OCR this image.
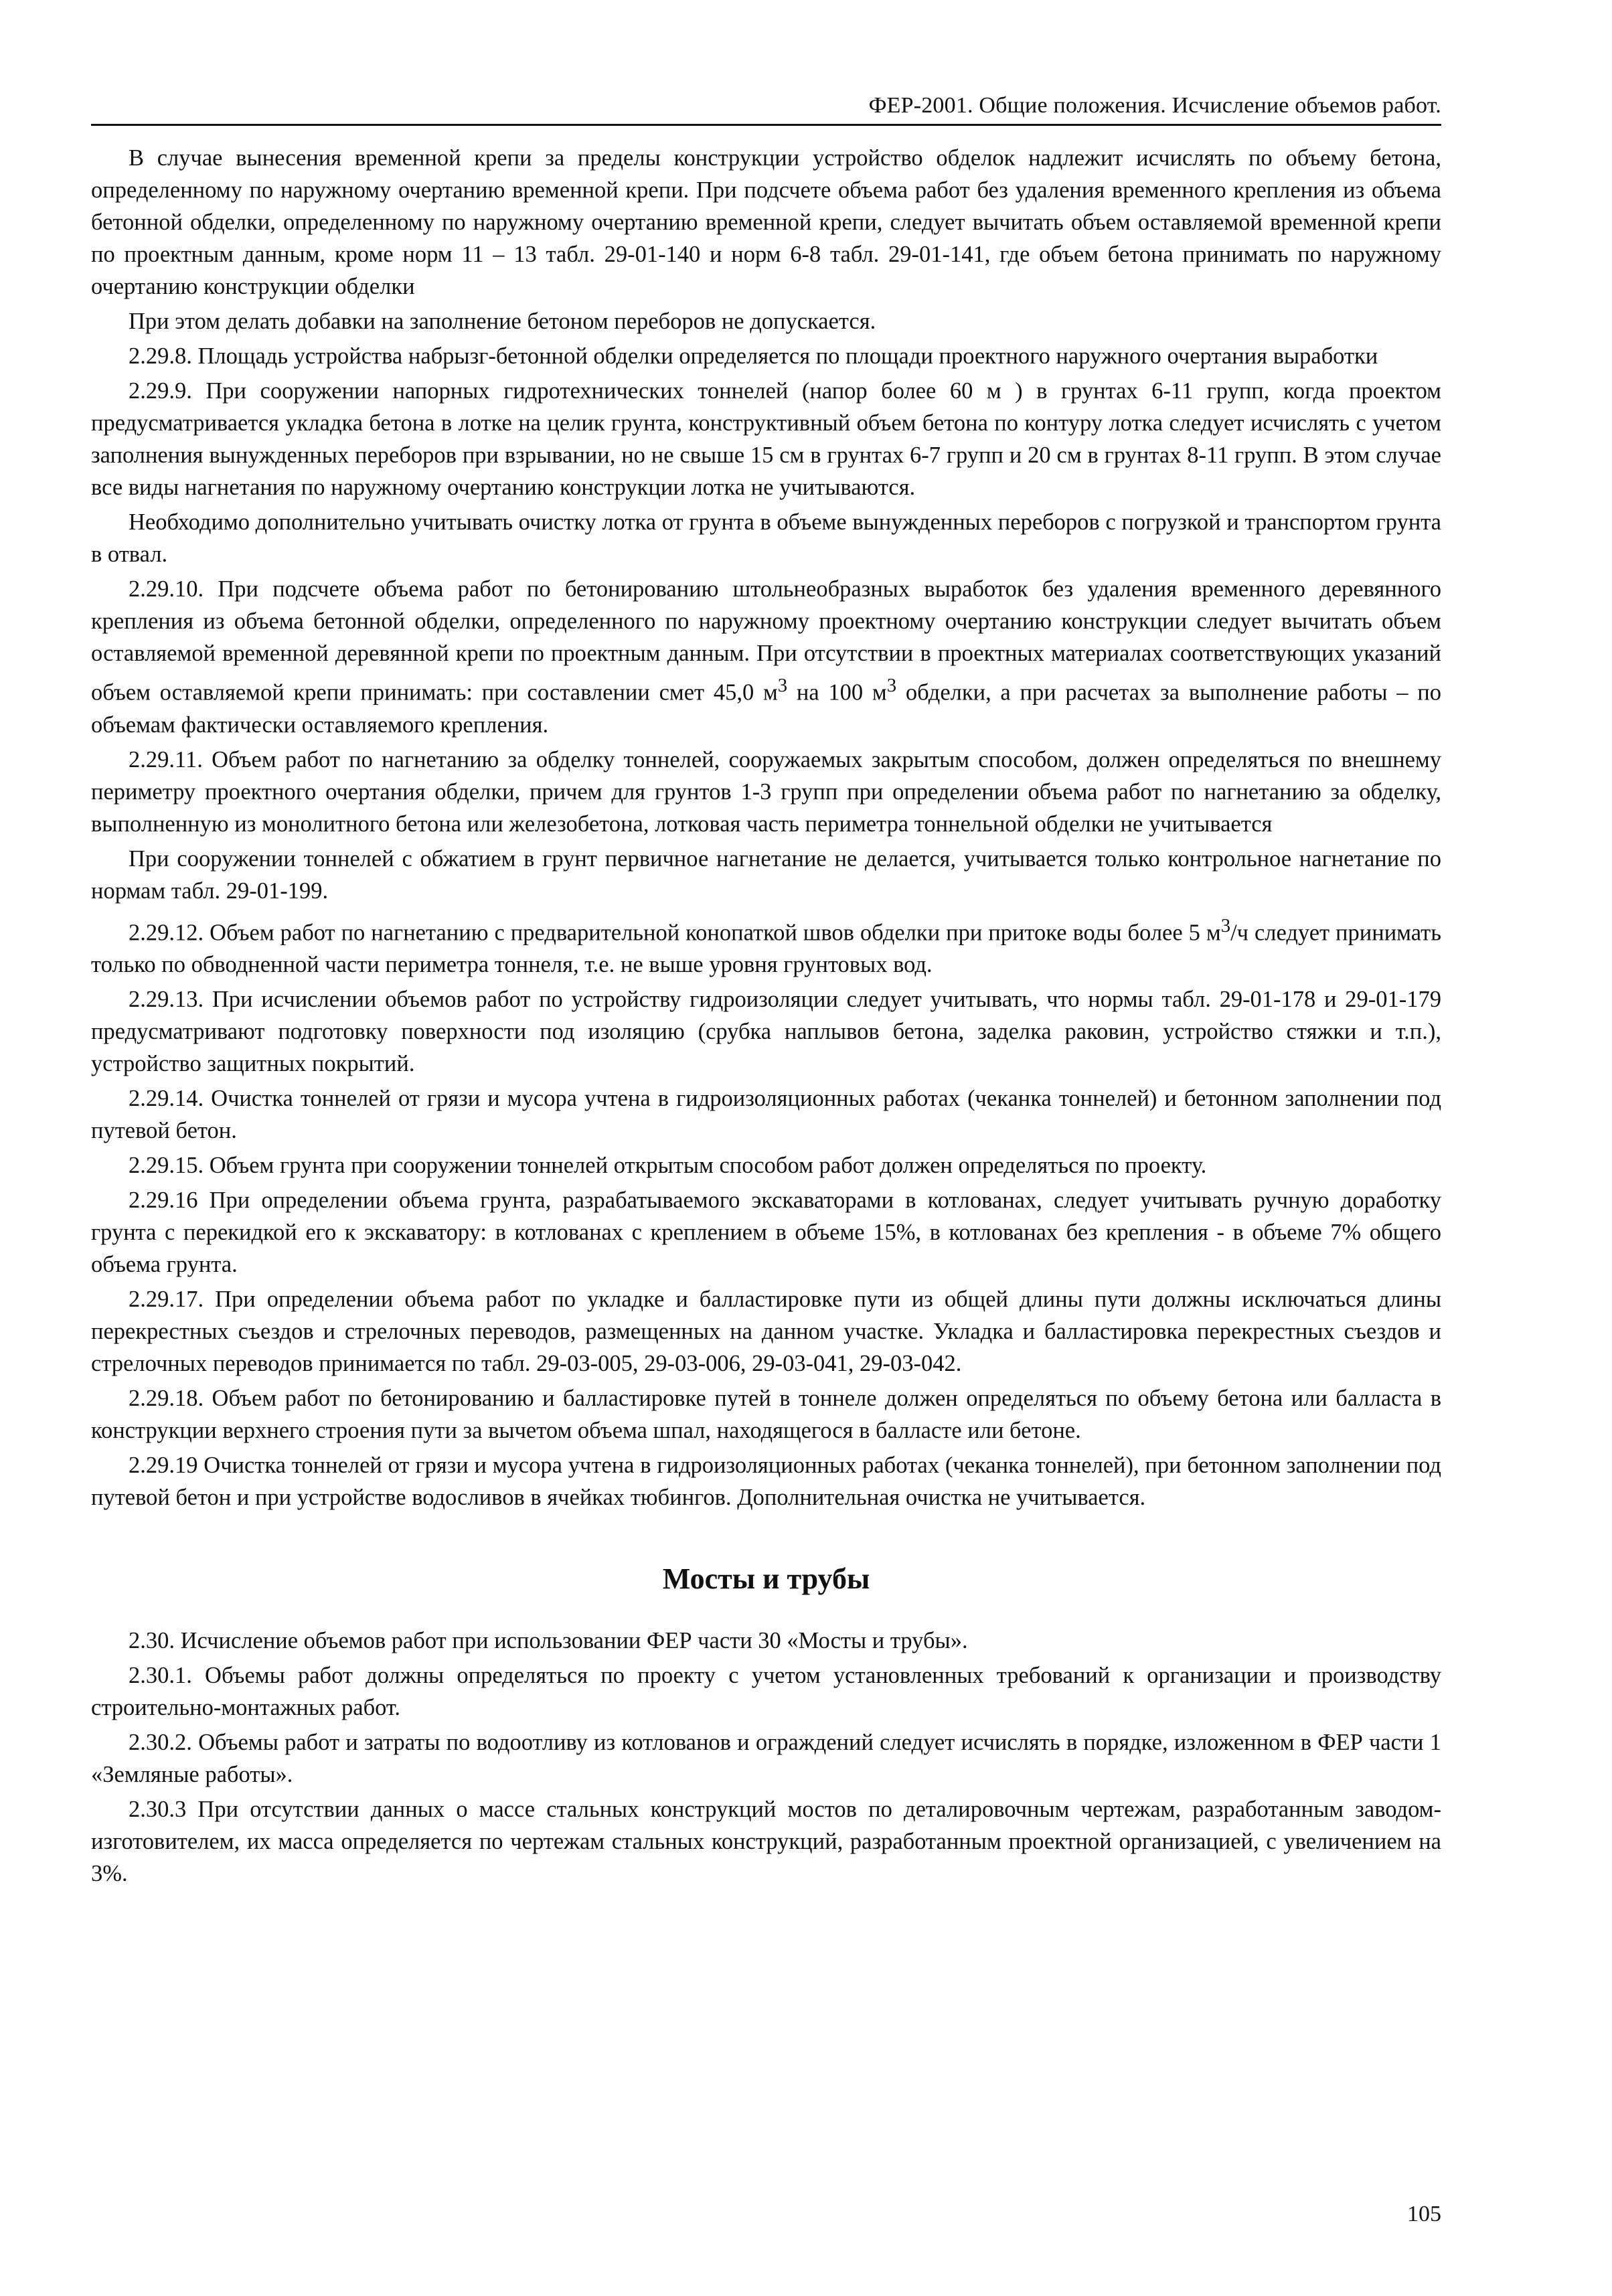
ФЕР-2001. Общие положения. Исчисление объемов работ.

В случае вынесения временной крепи за пределы конструкции устройство обделок надлежит исчислять по объему бетона, определенному по наружному очертанию временной крепи. При подсчете объема работ без удаления временного крепления из объема бетонной обделки, определенному по наружному очертанию временной крепи, следует вычитать объем оставляемой временной крепи по проектным данным, кроме норм 11 – 13 табл. 29-01-140 и норм 6-8 табл. 29-01-141, где объем бетона принимать по наружному очертанию конструкции обделки

При этом делать добавки на заполнение бетоном переборов не допускается.

2.29.8. Площадь устройства набрызг-бетонной обделки определяется по площади проектного наружного очертания выработки

2.29.9. При сооружении напорных гидротехнических тоннелей (напор более 60 м ) в грунтах 6-11 групп, когда проектом предусматривается укладка бетона в лотке на целик грунта, конструктивный объем бетона по контуру лотка следует исчислять с учетом заполнения вынужденных переборов при взрывании, но не свыше 15 см в грунтах 6-7 групп и 20 см в грунтах 8-11 групп. В этом случае все виды нагнетания по наружному очертанию конструкции лотка не учитываются.

Необходимо дополнительно учитывать очистку лотка от грунта в объеме вынужденных переборов с погрузкой и транспортом грунта в отвал.

2.29.10. При подсчете объема работ по бетонированию штольнеобразных выработок без удаления временного деревянного крепления из объема бетонной обделки, определенного по наружному проектному очертанию конструкции следует вычитать объем оставляемой временной деревянной крепи по проектным данным. При отсутствии в проектных материалах соответствующих указаний объем оставляемой крепи принимать: при составлении смет 45,0 $м^3$ на 100 $м^3$ обделки, а при расчетах за выполнение работы – по объемам фактически оставляемого крепления.

2.29.11. Объем работ по нагнетанию за обделку тоннелей, сооружаемых закрытым способом, должен определяться по внешнему периметру проектного очертания обделки, причем для грунтов 1-3 групп при определении объема работ по нагнетанию за обделку, выполненную из монолитного бетона или железобетона, лотковая часть периметра тоннельной обделки не учитывается

При сооружении тоннелей с обжатием в грунт первичное нагнетание не делается, учитывается только контрольное нагнетание по нормам табл. 29-01-199.

2.29.12. Объем работ по нагнетанию с предварительной конопаткой швов обделки при притоке воды более 5 $м^3/ч$ следует принимать только по обводненной части периметра тоннеля, т.е. не выше уровня грунтовых вод.

2.29.13. При исчислении объемов работ по устройству гидроизоляции следует учитывать, что нормы табл. 29-01-178 и 29-01-179 предусматривают подготовку поверхности под изоляцию (срубка наплывов бетона, заделка раковин, устройство стяжки и т.п.), устройство защитных покрытий.

2.29.14. Очистка тоннелей от грязи и мусора учтена в гидроизоляционных работах (чеканка тоннелей) и бетонном заполнении под путевой бетон.

2.29.15. Объем грунта при сооружении тоннелей открытым способом работ должен определяться по проекту.

2.29.16 При определении объема грунта, разрабатываемого экскаваторами в котлованах, следует учитывать ручную доработку грунта с перекидкой его к экскаватору: в котлованах с креплением в объеме 15%, в котлованах без крепления - в объеме 7% общего объема грунта.

2.29.17. При определении объема работ по укладке и балластировке пути из общей длины пути должны исключаться длины перекрестных съездов и стрелочных переводов, размещенных на данном участке. Укладка и балластировка перекрестных съездов и стрелочных переводов принимается по табл. 29-03-005, 29-03-006, 29-03-041, 29-03-042.

2.29.18. Объем работ по бетонированию и балластировке путей в тоннеле должен определяться по объему бетона или балласта в конструкции верхнего строения пути за вычетом объема шпал, находящегося в балласте или бетоне.

2.29.19 Очистка тоннелей от грязи и мусора учтена в гидроизоляционных работах (чеканка тоннелей), при бетонном заполнении под путевой бетон и при устройстве водосливов в ячейках тюбингов. Дополнительная очистка не учитывается.

Мосты и трубы

2.30. Исчисление объемов работ при использовании ФЕР части 30 «Мосты и трубы».

2.30.1. Объемы работ должны определяться по проекту с учетом установленных требований к организации и производству строительно-монтажных работ.

2.30.2. Объемы работ и затраты по водоотливу из котлованов и ограждений следует исчислять в порядке, изложенном в ФЕР части 1 «Земляные работы».

2.30.3 При отсутствии данных о массе стальных конструкций мостов по деталировочным чертежам, разработанным заводом-изготовителем, их масса определяется по чертежам стальных конструкций, разработанным проектной организацией, с увеличением на 3%.

105
